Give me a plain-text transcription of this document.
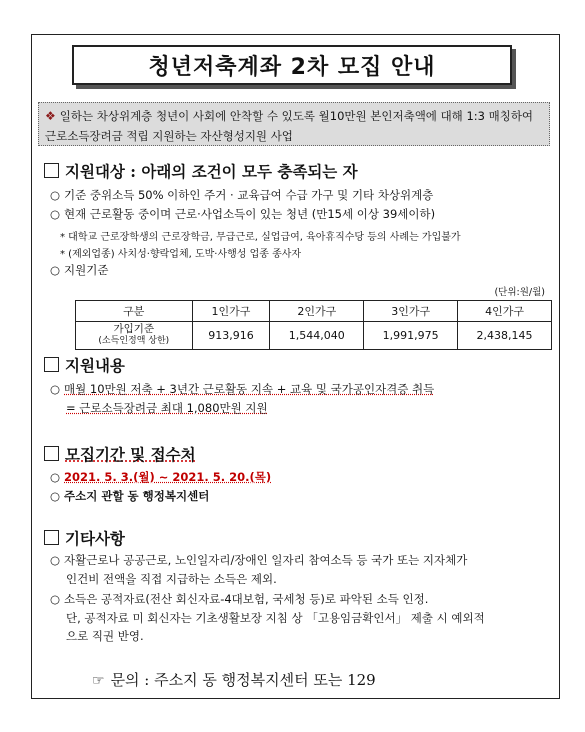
청년저축계좌 2차 모집 안내
❖ 일하는 차상위계층 청년이 사회에 안착할 수 있도록 월10만원 본인저축액에 대해 1:3 매칭하여 근로소득장려금 적립 지원하는 자산형성지원 사업
지원대상 : 아래의 조건이 모두 충족되는 자
○ 기준 중위소득 50% 이하인 주거 · 교육급여 수급 가구 및 기타 차상위계층
○ 현재 근로활동 중이며 근로·사업소득이 있는 청년 (만15세 이상 39세이하)
* 대학교 근로장학생의 근로장학금, 무급근로, 실업급여, 육아휴직수당 등의 사례는 가입불가
* (제외업종) 사치성·향락업체, 도박·사행성 업종 종사자
○ 지원기준
(단위:원/월)
구분	1인가구	2인가구	3인가구	4인가구

가입기준
(소득인정액 상한)	913,916	1,544,040	1,991,975	2,438,145
지원내용
○ 매월 10만원 저축 + 3년간 근로활동 지속 + 교육 및 국가공인자격증 취득
= 근로소득장려금 최대 1,080만원 지원
모집기간 및 접수처
○ 2021. 5. 3.(월) ~ 2021. 5. 20.(목)
○ 주소지 관할 동 행정복지센터
기타사항
○ 자활근로나 공공근로, 노인일자리/장애인 일자리 참여소득 등 국가 또는 지자체가
인건비 전액을 직접 지급하는 소득은 제외.
○ 소득은 공적자료(전산 회신자료-4대보험, 국세청 등)로 파악된 소득 인정.
단, 공적자료 미 회신자는 기초생활보장 지침 상 「고용임금확인서」 제출 시 예외적
으로 직권 반영.
☞ 문의 : 주소지 동 행정복지센터 또는 129
